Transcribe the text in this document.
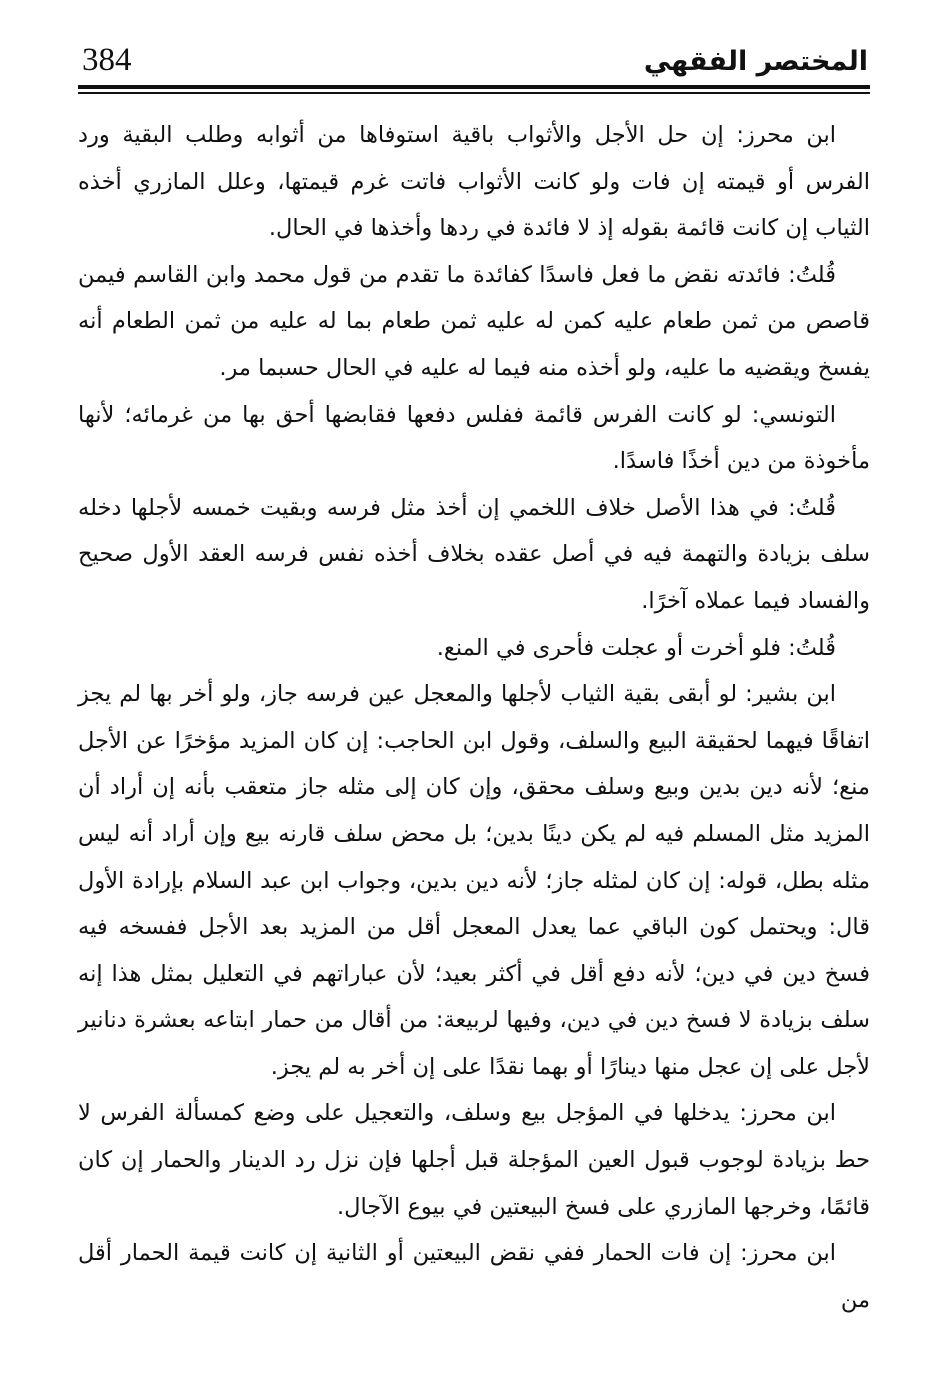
384	المختصر الفقهي

ابن محرز: إن حل الأجل والأثواب باقية استوفاها من أثوابه وطلب البقية ورد الفرس أو قيمته إن فات ولو كانت الأثواب فاتت غرم قيمتها، وعلل المازري أخذه الثياب إن كانت قائمة بقوله إذ لا فائدة في ردها وأخذها في الحال.

قُلتُ: فائدته نقض ما فعل فاسدًا كفائدة ما تقدم من قول محمد وابن القاسم فيمن قاصص من ثمن طعام عليه كمن له عليه ثمن طعام بما له عليه من ثمن الطعام أنه يفسخ ويقضيه ما عليه، ولو أخذه منه فيما له عليه في الحال حسبما مر.

التونسي: لو كانت الفرس قائمة ففلس دفعها فقابضها أحق بها من غرمائه؛ لأنها مأخوذة من دين أخذًا فاسدًا.

قُلتُ: في هذا الأصل خلاف اللخمي إن أخذ مثل فرسه وبقيت خمسه لأجلها دخله سلف بزيادة والتهمة فيه في أصل عقده بخلاف أخذه نفس فرسه العقد الأول صحيح والفساد فيما عملاه آخرًا.

قُلتُ: فلو أخرت أو عجلت فأحرى في المنع.

ابن بشير: لو أبقى بقية الثياب لأجلها والمعجل عين فرسه جاز، ولو أخر بها لم يجز اتفاقًا فيهما لحقيقة البيع والسلف، وقول ابن الحاجب: إن كان المزيد مؤخرًا عن الأجل منع؛ لأنه دين بدين وبيع وسلف محقق، وإن كان إلى مثله جاز متعقب بأنه إن أراد أن المزيد مثل المسلم فيه لم يكن دينًا بدين؛ بل محض سلف قارنه بيع وإن أراد أنه ليس مثله بطل، قوله: إن كان لمثله جاز؛ لأنه دين بدين، وجواب ابن عبد السلام بإرادة الأول قال: ويحتمل كون الباقي عما يعدل المعجل أقل من المزيد بعد الأجل ففسخه فيه فسخ دين في دين؛ لأنه دفع أقل في أكثر بعيد؛ لأن عباراتهم في التعليل بمثل هذا إنه سلف بزيادة لا فسخ دين في دين، وفيها لربيعة: من أقال من حمار ابتاعه بعشرة دنانير لأجل على إن عجل منها دينارًا أو بهما نقدًا على إن أخر به لم يجز.

ابن محرز: يدخلها في المؤجل بيع وسلف، والتعجيل على وضع كمسألة الفرس لا حط بزيادة لوجوب قبول العين المؤجلة قبل أجلها فإن نزل رد الدينار والحمار إن كان قائمًا، وخرجها المازري على فسخ البيعتين في بيوع الآجال.

ابن محرز: إن فات الحمار ففي نقض البيعتين أو الثانية إن كانت قيمة الحمار أقل من
